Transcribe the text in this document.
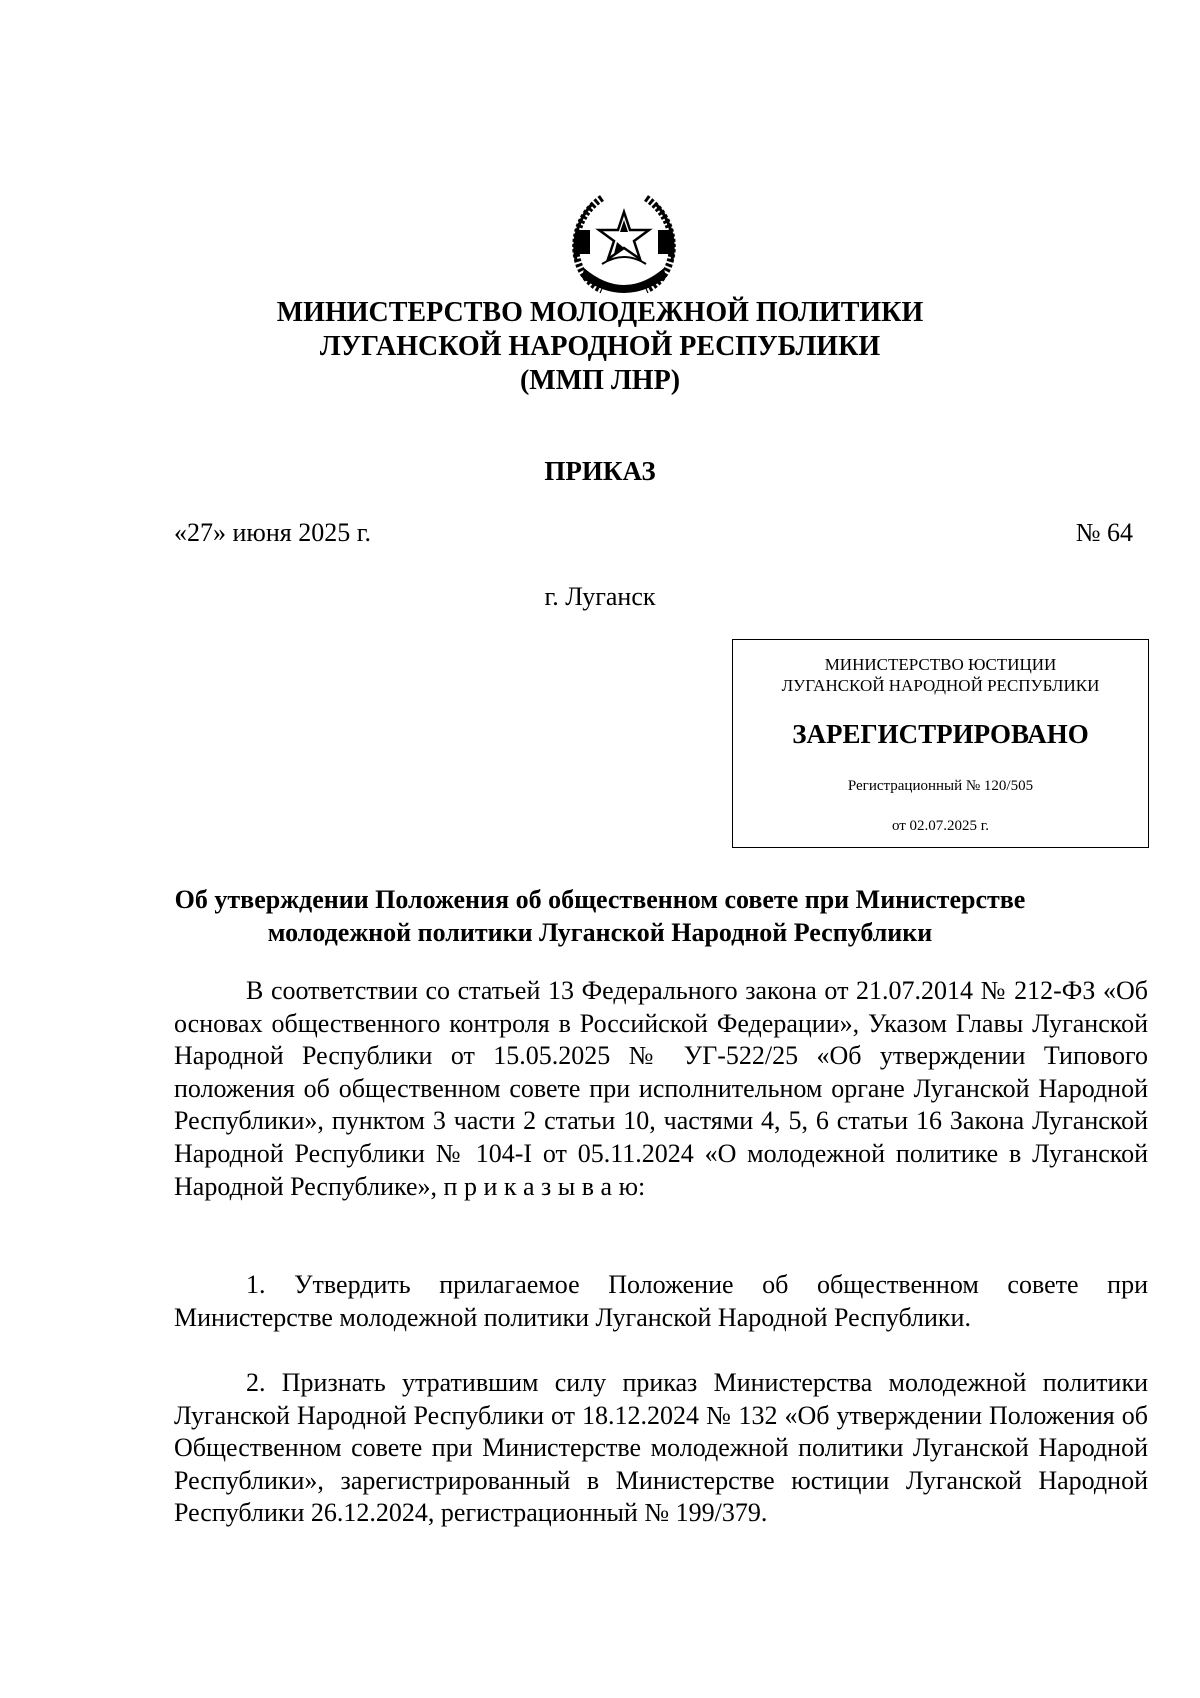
МИНИСТЕРСТВО МОЛОДЕЖНОЙ ПОЛИТИКИ
ЛУГАНСКОЙ НАРОДНОЙ РЕСПУБЛИКИ
(ММП ЛНР)
ПРИКАЗ
«27» июня 2025 г.	№ 64
г. Луганск
МИНИСТЕРСТВО ЮСТИЦИИ
ЛУГАНСКОЙ НАРОДНОЙ РЕСПУБЛИКИ
ЗАРЕГИСТРИРОВАНО
Регистрационный № 120/505
от 02.07.2025 г.
Об утверждении Положения об общественном совете при Министерстве
молодежной политики Луганской Народной Республики

В соответствии со статьей 13 Федерального закона от 21.07.2014 № 212-ФЗ «Об основах общественного контроля в Российской Федерации», Указом Главы Луганской Народной Республики от 15.05.2025 № УГ-522/25 «Об утверждении Типового положения об общественном совете при исполнительном органе Луганской Народной Республики», пунктом 3 части 2 статьи 10, частями 4, 5, 6 статьи 16 Закона Луганской Народной Республики № 104-I от 05.11.2024 «О молодежной политике в Луганской Народной Республике», п р и к а з ы в а ю:

1. Утвердить прилагаемое Положение об общественном совете при Министерстве молодежной политики Луганской Народной Республики.

2. Признать утратившим силу приказ Министерства молодежной политики Луганской Народной Республики от 18.12.2024 № 132 «Об утверждении Положения об Общественном совете при Министерстве молодежной политики Луганской Народной Республики», зарегистрированный в Министерстве юстиции Луганской Народной Республики 26.12.2024, регистрационный № 199/379.
